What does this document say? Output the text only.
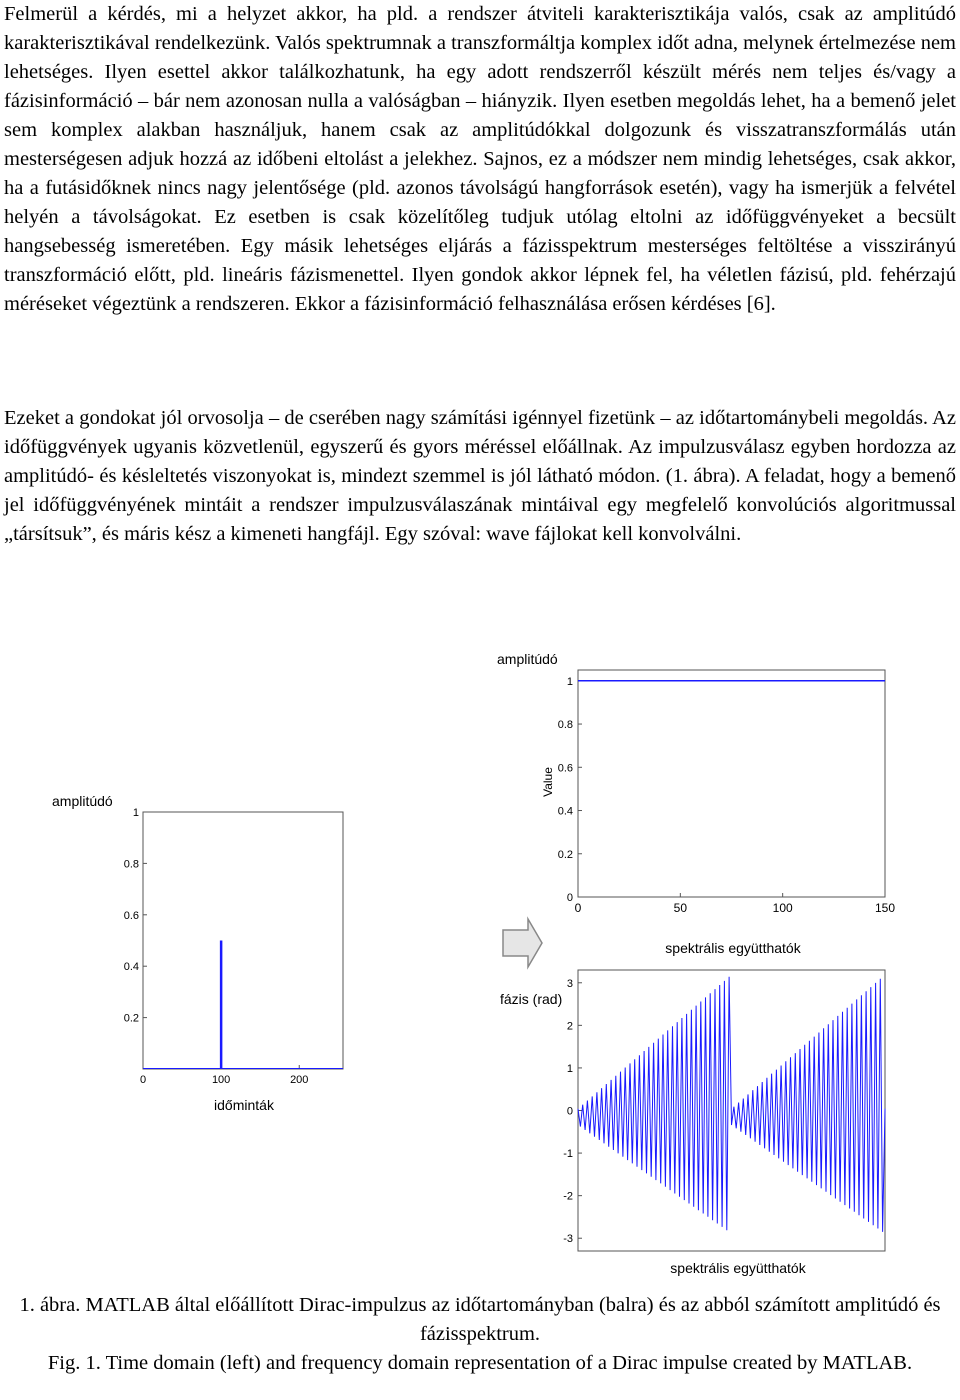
Felmerül a kérdés, mi a helyzet akkor, ha pld. a rendszer átviteli karakterisztikája valós, csak az amplitúdó karakterisztikával rendelkezünk. Valós spektrumnak a transzformáltja komplex időt adna, melynek értelmezése nem lehetséges. Ilyen esettel akkor találkozhatunk, ha egy adott rendszerről készült mérés nem teljes és/vagy a fázisinformáció – bár nem azonosan nulla a valóságban – hiányzik. Ilyen esetben megoldás lehet, ha a bemenő jelet sem komplex alakban használjuk, hanem csak az amplitúdókkal dolgozunk és visszatranszformálás után mesterségesen adjuk hozzá az időbeni eltolást a jelekhez. Sajnos, ez a módszer nem mindig lehetséges, csak akkor, ha a futásidőknek nincs nagy jelentősége (pld. azonos távolságú hangforrások esetén), vagy ha ismerjük a felvétel helyén a távolságokat. Ez esetben is csak közelítőleg tudjuk utólag eltolni az időfüggvényeket a becsült hangsebesség ismeretében. Egy másik lehetséges eljárás a fázisspektrum mesterséges feltöltése a visszirányú transzformáció előtt, pld. lineáris fázismenettel. Ilyen gondok akkor lépnek fel, ha véletlen fázisú, pld. fehérzajú méréseket végeztünk a rendszeren. Ekkor a fázisinformáció felhasználása erősen kérdéses [6].

Ezeket a gondokat jól orvosolja – de cserében nagy számítási igénnyel fizetünk – az időtartománybeli megoldás. Az időfüggvények ugyanis közvetlenül, egyszerű és gyors méréssel előállnak. Az impulzusválasz egyben hordozza az amplitúdó- és késleltetés viszonyokat is, mindezt szemmel is jól látható módon. (1. ábra). A feladat, hogy a bemenő jel időfüggvényének mintáit a rendszer impulzusválaszának mintáival egy megfelelő konvolúciós algoritmussal „társítsuk”, és máris kész a kimeneti hangfájl. Egy szóval: wave fájlokat kell konvolválni.

amplitúdó
1
0.8
0.6
0.4
0.2
0	100	200
időminták
amplitúdó
Value
1
0.8
0.6
0.4
0.2
0
0	50	100	150
spektrális együtthatók
fázis (rad)
3
2
1
0
-1
-2
-3
spektrális együtthatók

1. ábra. MATLAB által előállított Dirac-impulzus az időtartományban (balra) és az abból számított amplitúdó és fázisspektrum.

Fig. 1. Time domain (left) and frequency domain representation of a Dirac impulse created by MATLAB.
